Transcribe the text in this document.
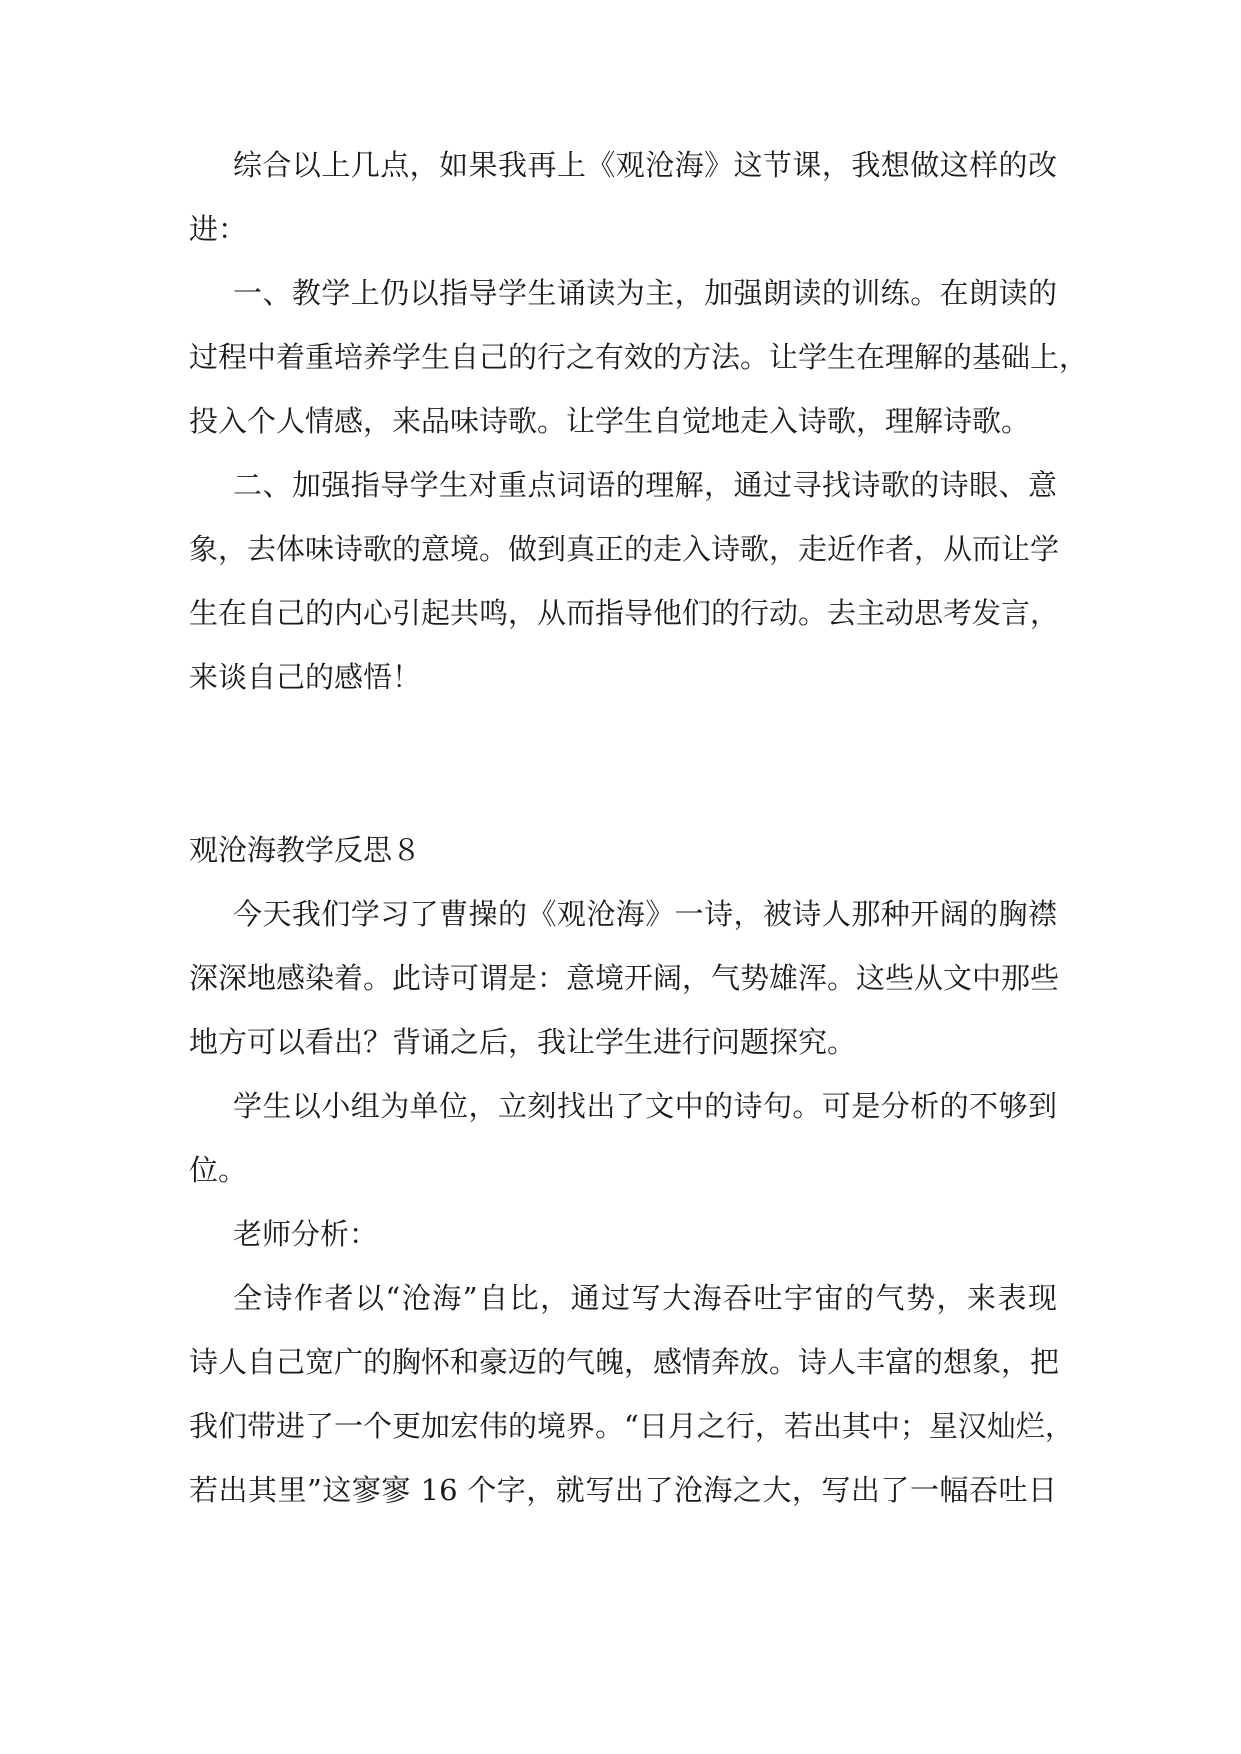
综合以上几点，如果我再上《观沧海》这节课，我想做这样的改
进：
一、教学上仍以指导学生诵读为主，加强朗读的训练。在朗读的
过程中着重培养学生自己的行之有效的方法。让学生在理解的基础上，
投入个人情感，来品味诗歌。让学生自觉地走入诗歌，理解诗歌。
二、加强指导学生对重点词语的理解，通过寻找诗歌的诗眼、意
象，去体味诗歌的意境。做到真正的走入诗歌，走近作者，从而让学
生在自己的内心引起共鸣，从而指导他们的行动。去主动思考发言，
来谈自己的感悟！
观沧海教学反思８
今天我们学习了曹操的《观沧海》一诗，被诗人那种开阔的胸襟
深深地感染着。此诗可谓是：意境开阔，气势雄浑。这些从文中那些
地方可以看出？背诵之后，我让学生进行问题探究。
学生以小组为单位，立刻找出了文中的诗句。可是分析的不够到
位。
老师分析：
全诗作者以“沧海”自比，通过写大海吞吐宇宙的气势，来表现
诗人自己宽广的胸怀和豪迈的气魄，感情奔放。诗人丰富的想象，把
我们带进了一个更加宏伟的境界。“日月之行，若出其中；星汉灿烂，
若出其里”这寥寥 16 个字，就写出了沧海之大，写出了一幅吞吐日
